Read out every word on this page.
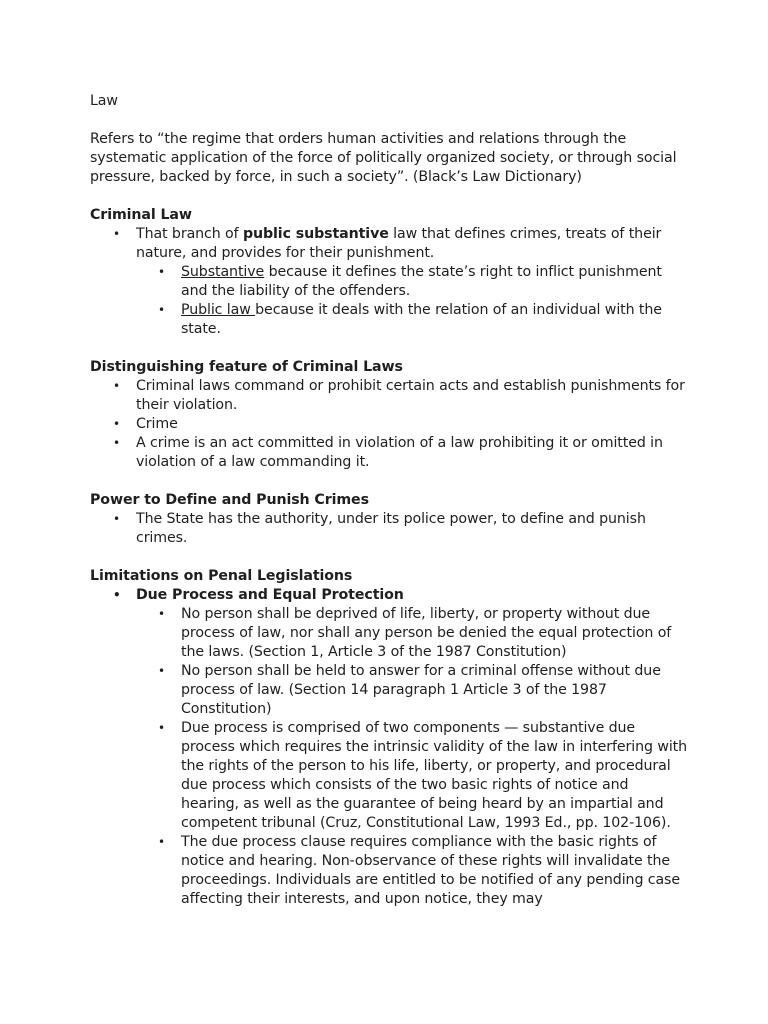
Law

Refers to “the regime that orders human activities and relations through the systematic application of the force of politically organized society, or through social pressure, backed by force, in such a society”. (Black’s Law Dictionary)

Criminal Law

• That branch of public substantive law that defines crimes, treats of their nature, and provides for their punishment.
• Substantive because it defines the state’s right to inflict punishment and the liability of the offenders.
• Public law because it deals with the relation of an individual with the state.

Distinguishing feature of Criminal Laws

• Criminal laws command or prohibit certain acts and establish punishments for their violation.
• Crime
• A crime is an act committed in violation of a law prohibiting it or omitted in violation of a law commanding it.

Power to Define and Punish Crimes

• The State has the authority, under its police power, to define and punish crimes.

Limitations on Penal Legislations

• Due Process and Equal Protection
• No person shall be deprived of life, liberty, or property without due process of law, nor shall any person be denied the equal protection of the laws. (Section 1, Article 3 of the 1987 Constitution)
• No person shall be held to answer for a criminal offense without due process of law. (Section 14 paragraph 1 Article 3 of the 1987 Constitution)
• Due process is comprised of two components — substantive due process which requires the intrinsic validity of the law in interfering with the rights of the person to his life, liberty, or property, and procedural due process which consists of the two basic rights of notice and hearing, as well as the guarantee of being heard by an impartial and competent tribunal (Cruz, Constitutional Law, 1993 Ed., pp. 102-106).
• The due process clause requires compliance with the basic rights of notice and hearing. Non-observance of these rights will invalidate the proceedings. Individuals are entitled to be notified of any pending case affecting their interests, and upon notice, they may
